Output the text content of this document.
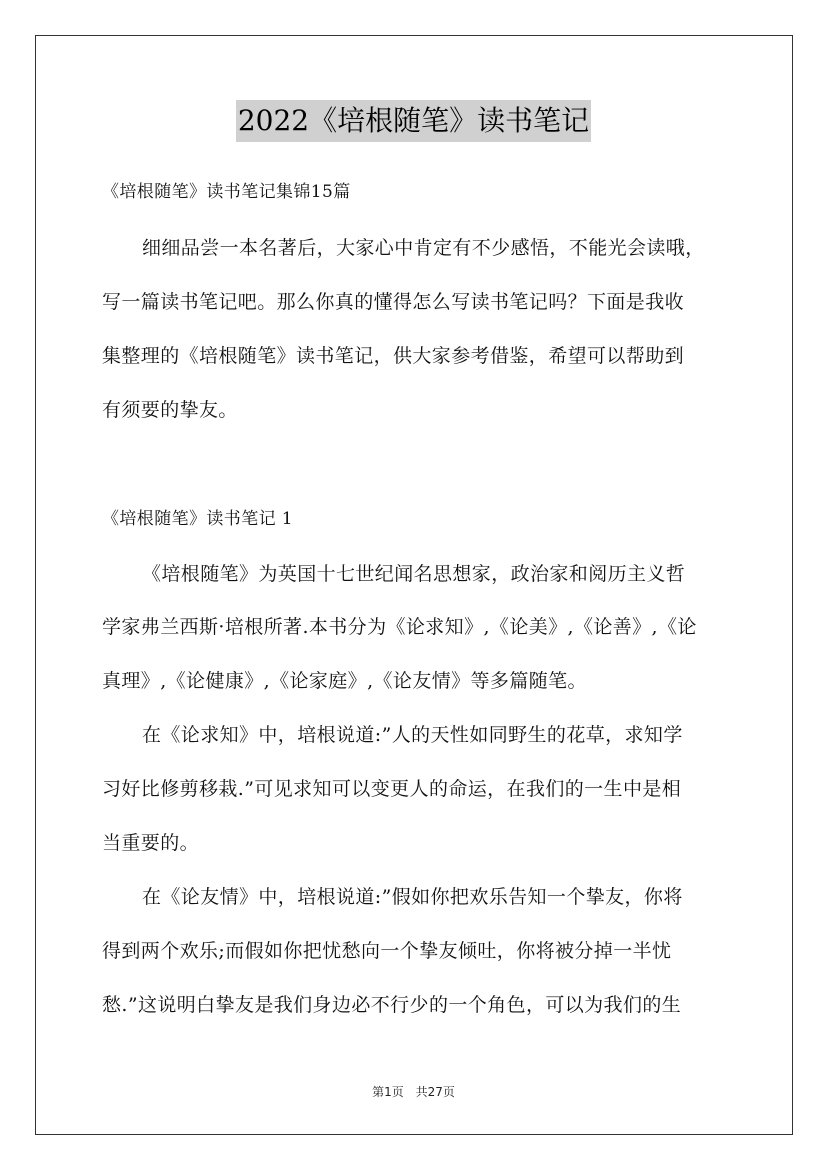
2022《培根随笔》读书笔记
《培根随笔》读书笔记集锦15篇
细细品尝一本名著后，大家心中肯定有不少感悟，不能光会读哦，
写一篇读书笔记吧。那么你真的懂得怎么写读书笔记吗？下面是我收
集整理的《培根随笔》读书笔记，供大家参考借鉴，希望可以帮助到
有须要的挚友。
《培根随笔》读书笔记 1
《培根随笔》为英国十七世纪闻名思想家，政治家和阅历主义哲
学家弗兰西斯·培根所著.本书分为《论求知》,《论美》,《论善》,《论
真理》,《论健康》,《论家庭》,《论友情》等多篇随笔。
在《论求知》中，培根说道:”人的天性如同野生的花草，求知学
习好比修剪移栽.”可见求知可以变更人的命运，在我们的一生中是相
当重要的。
在《论友情》中，培根说道:”假如你把欢乐告知一个挚友，你将
得到两个欢乐;而假如你把忧愁向一个挚友倾吐，你将被分掉一半忧
愁.”这说明白挚友是我们身边必不行少的一个角色，可以为我们的生
第1页 共27页
